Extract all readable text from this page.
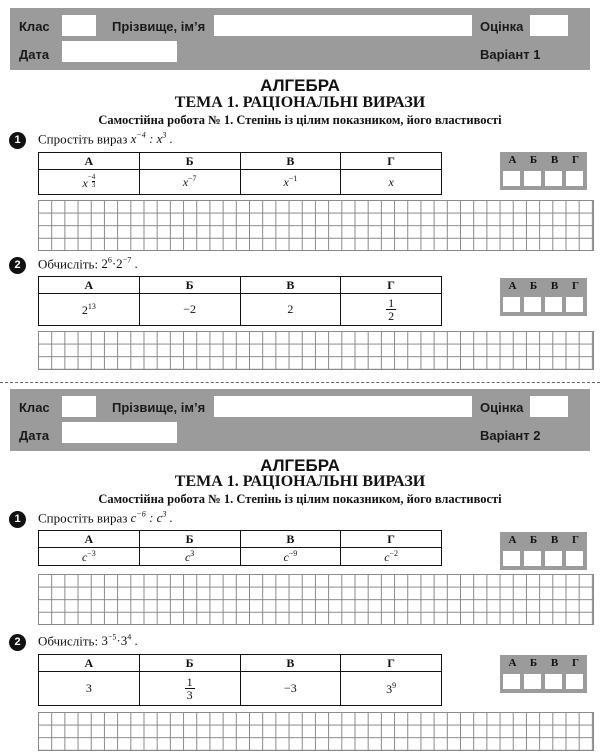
Клас	Прізвище, ім’я	Оцінка
Дата	Варіант 1
АЛГЕБРА
ТЕМА 1. РАЦІОНАЛЬНІ ВИРАЗИ
Самостійна робота № 1. Степінь із цілим показником, його властивості
1	Спростіть вираз $x^{-4}$ : $x^3$ .
А	Б	В	Г
$x - \frac{4}{3}$	$x^{-7}$	$x^{-1}$	x
А	Б	В	Г
2	Обчисліть: $2^6\cdot 2^{-7}$ .
А	Б	В	Г
$2^{13}$	−2	2	$\frac{1}{2}$
А	Б	В	Г
Клас	Прізвище, ім’я	Оцінка
Дата	Варіант 2
АЛГЕБРА
ТЕМА 1. РАЦІОНАЛЬНІ ВИРАЗИ
Самостійна робота № 1. Степінь із цілим показником, його властивості
1	Спростіть вираз $c^{-6}$ : $c^3$ .
А	Б	В	Г
$c^{-3}$	$c^3$	$c^{-9}$	$c^{-2}$
А	Б	В	Г
2	Обчисліть: $3^{-5}\cdot 3^4$ .
А	Б	В	Г
3	$\frac{1}{3}$	−3	$3^9$
А	Б	В	Г
